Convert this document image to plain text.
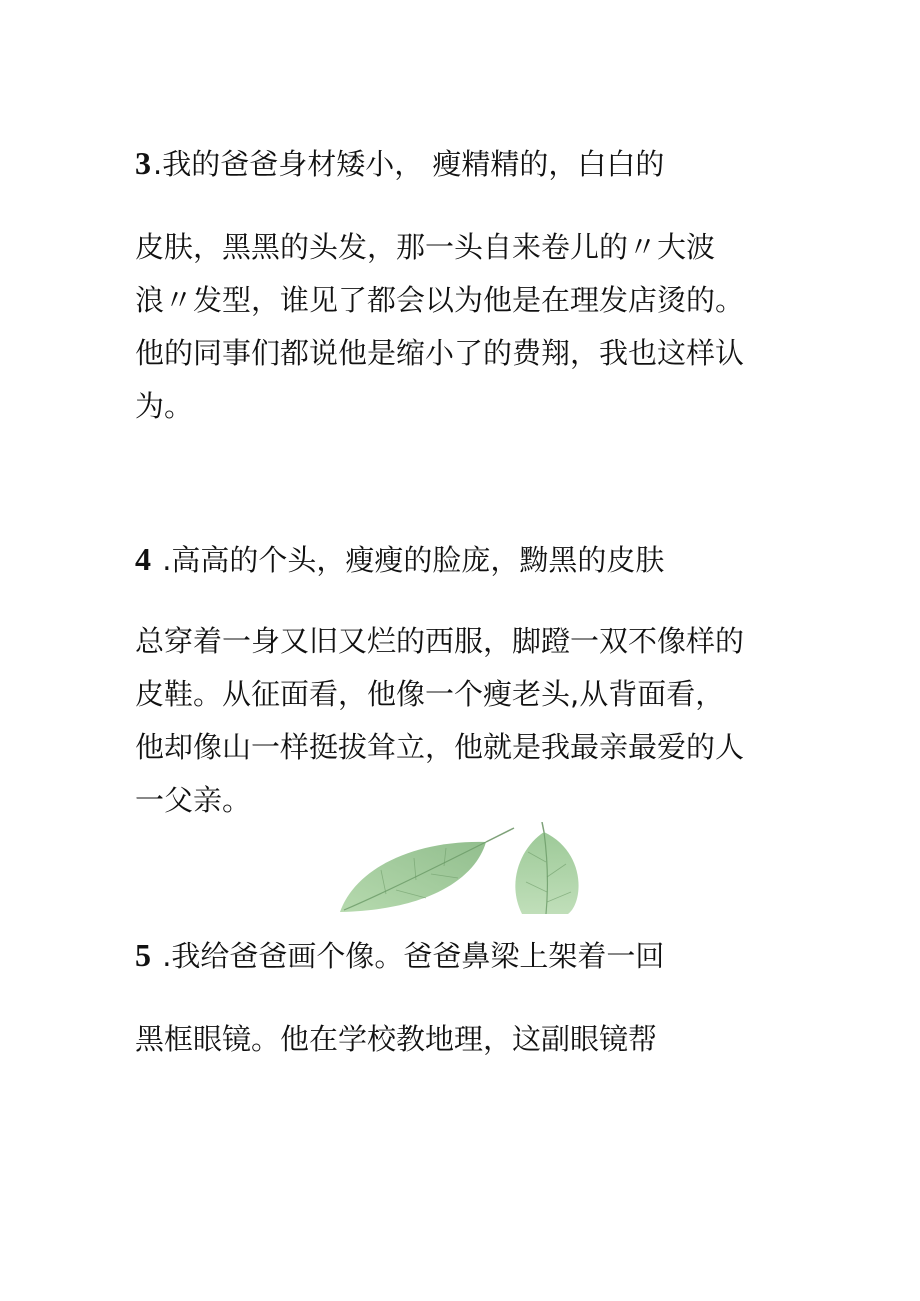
3.我的爸爸身材矮小， 瘦精精的，白白的
皮肤，黑黑的头发，那一头自来卷儿的〃大波
浪〃发型，谁见了都会以为他是在理发店烫的。
他的同事们都说他是缩小了的费翔，我也这样认
为。
4 .高高的个头，瘦瘦的脸庞，黝黑的皮肤
总穿着一身又旧又烂的西服，脚蹬一双不像样的
皮鞋。从征面看，他像一个瘦老头,从背面看，
他却像山一样挺拔耸立，他就是我最亲最爱的人
一父亲。
5 .我给爸爸画个像。爸爸鼻梁上架着一回
黑框眼镜。他在学校教地理，这副眼镜帮
